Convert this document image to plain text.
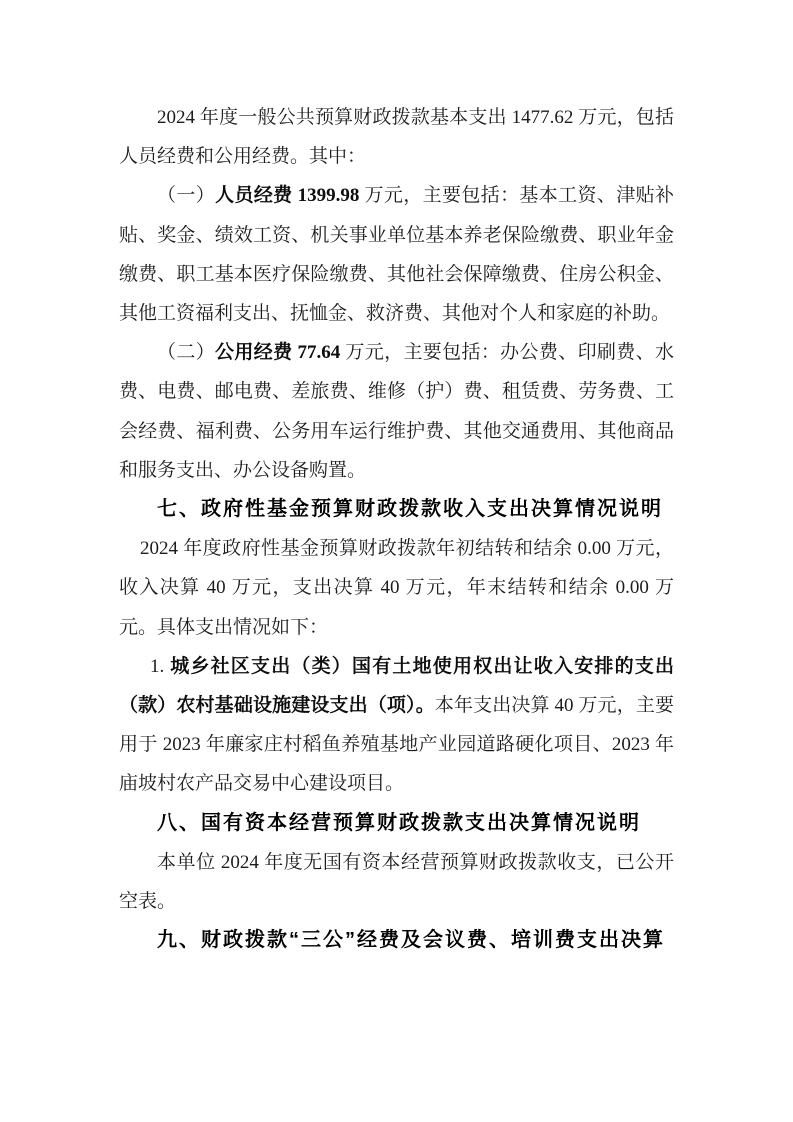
2024 年度一般公共预算财政拨款基本支出 1477.62 万元，包括人员经费和公用经费。其中：

（一）人员经费 1399.98 万元，主要包括：基本工资、津贴补贴、奖金、绩效工资、机关事业单位基本养老保险缴费、职业年金缴费、职工基本医疗保险缴费、其他社会保障缴费、住房公积金、其他工资福利支出、抚恤金、救济费、其他对个人和家庭的补助。

（二）公用经费 77.64 万元，主要包括：办公费、印刷费、水费、电费、邮电费、差旅费、维修（护）费、租赁费、劳务费、工会经费、福利费、公务用车运行维护费、其他交通费用、其他商品和服务支出、办公设备购置。

七、政府性基金预算财政拨款收入支出决算情况说明

2024 年度政府性基金预算财政拨款年初结转和结余 0.00 万元，收入决算 40 万元，支出决算 40 万元，年末结转和结余 0.00 万元。具体支出情况如下：

1. 城乡社区支出（类）国有土地使用权出让收入安排的支出（款）农村基础设施建设支出（项）。本年支出决算 40 万元，主要用于 2023 年廉家庄村稻鱼养殖基地产业园道路硬化项目、2023 年庙坡村农产品交易中心建设项目。

八、国有资本经营预算财政拨款支出决算情况说明

本单位 2024 年度无国有资本经营预算财政拨款收支，已公开空表。

九、财政拨款“三公”经费及会议费、培训费支出决算
